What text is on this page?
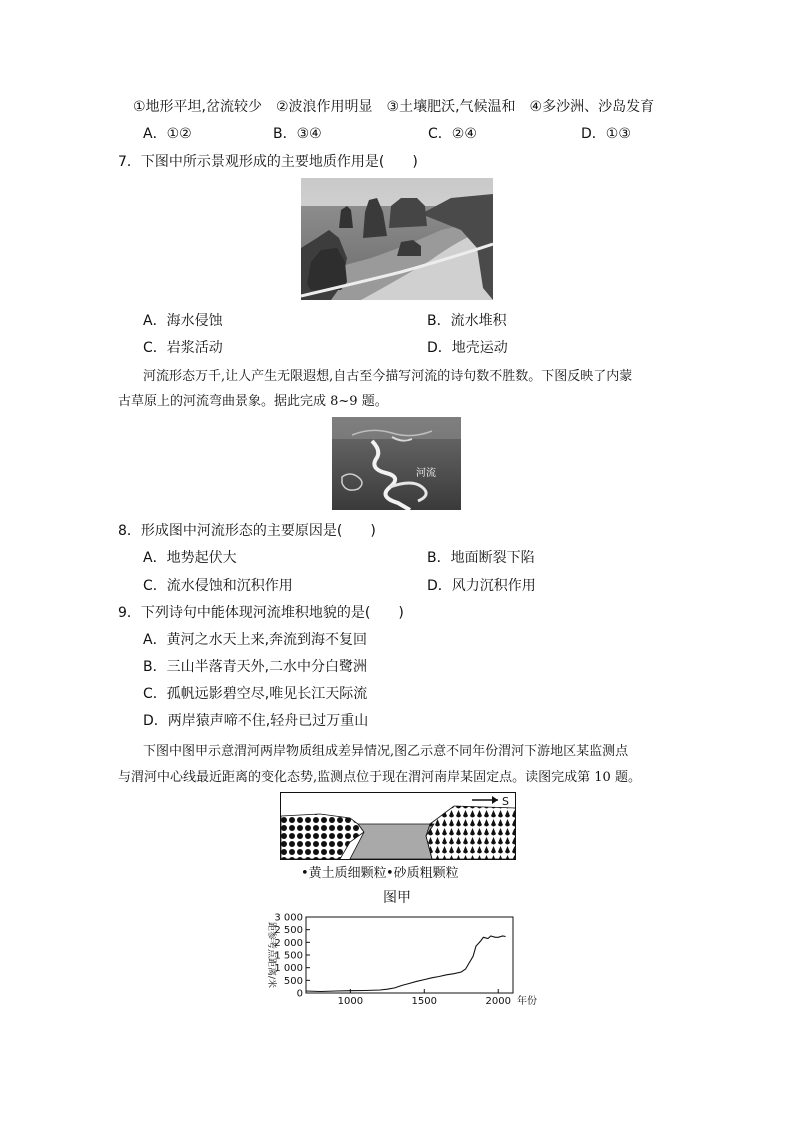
①地形平坦,岔流较少　②波浪作用明显　③土壤肥沃,气候温和　④多沙洲、沙岛发育
A．①②	B．③④	C．②④	D．①③
7．下图中所示景观形成的主要地质作用是(　　)
A．海水侵蚀	B．流水堆积
C．岩浆活动	D．地壳运动
河流形态万千,让人产生无限遐想,自古至今描写河流的诗句数不胜数。下图反映了内蒙
古草原上的河流弯曲景象。据此完成 8~9 题。
河流
8．形成图中河流形态的主要原因是(　　)
A．地势起伏大	B．地面断裂下陷
C．流水侵蚀和沉积作用	D．风力沉积作用
9．下列诗句中能体现河流堆积地貌的是(　　)
A．黄河之水天上来,奔流到海不复回
B．三山半落青天外,二水中分白鹭洲
C．孤帆远影碧空尽,唯见长江天际流
D．两岸猿声啼不住,轻舟已过万重山
下图中图甲示意渭河两岸物质组成差异情况,图乙示意不同年份渭河下游地区某监测点
与渭河中心线最近距离的变化态势,监测点位于现在渭河南岸某固定点。读图完成第 10 题。
S
•黄土质细颗粒 •砂质粗颗粒
图甲
0
500
1 000
1 500
2 000
2 500
3 000
1000	1500	2000 年份
距参考点距离/米
